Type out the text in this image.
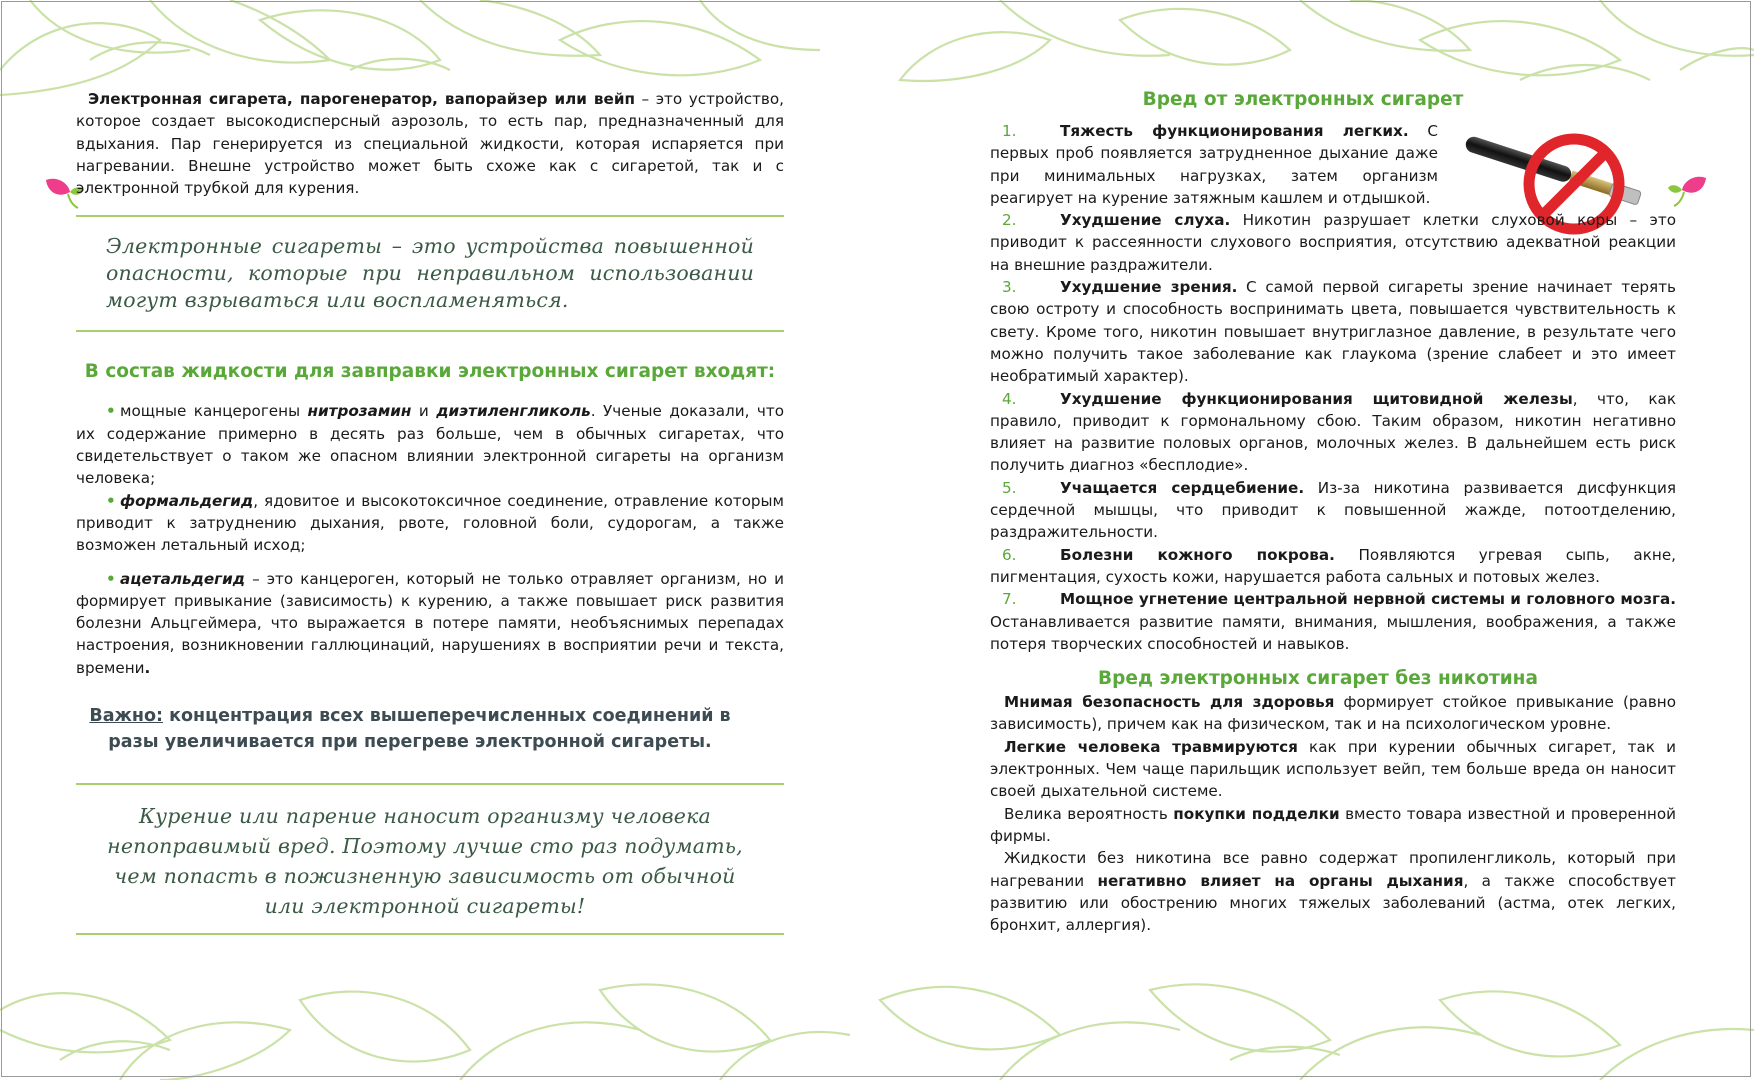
Электронная сигарета, парогенератор, вапорайзер или вейп – это устройство, которое создает высокодисперсный аэрозоль, то есть пар, предназначенный для вдыхания. Пар генерируется из специальной жидкости, которая испаряется при нагревании. Внешне устройство может быть схоже как с сигаретой, так и с электронной трубкой для курения.

Электронные сигареты – это устройства повышенной опасности, которые при неправильном использовании могут взрываться или воспламеняться.

В состав жидкости для завправки электронных сигарет входят:

• мощные канцерогены нитрозамин и диэтиленгликоль. Ученые доказали, что их содержание примерно в десять раз больше, чем в обычных сигаретах, что свидетельствует о таком же опасном влиянии электронной сигареты на организм человека;

• формальдегид, ядовитое и высокотоксичное соединение, отравление которым приводит к затруднению дыхания, рвоте, головной боли, судорогам, а также возможен летальный исход;

• ацетальдегид – это канцероген, который не только отравляет организм, но и формирует привыкание (зависимость) к курению, а также повышает риск развития болезни Альцгеймера, что выражается в потере памяти, необъяснимых перепадах настроения, возникновении галлюцинаций, нарушениях в восприятии речи и текста, времени.

Важно: концентрация всех вышеперечисленных соединений в разы увеличивается при перегреве электронной сигареты.

Курение или парение наносит организму человека непоправимый вред. Поэтому лучше сто раз подумать, чем попасть в пожизненную зависимость от обычной или электронной сигареты!

Вред от электронных сигарет

1.	Тяжесть функционирования легких. С первых проб появляется затрудненное дыхание даже при минимальных нагрузках, затем организм реагирует на курение затяжным кашлем и отдышкой.

2.	Ухудшение слуха. Никотин разрушает клетки слуховой коры – это приводит к рассеянности слухового восприятия, отсутствию адекватной реакции на внешние раздражители.

3.	Ухудшение зрения. С самой первой сигареты зрение начинает терять свою остроту и способность воспринимать цвета, повышается чувствительность к свету. Кроме того, никотин повышает внутриглазное давление, в результате чего можно получить такое заболевание как глаукома (зрение слабеет и это имеет необратимый характер).

4.	Ухудшение функционирования щитовидной железы, что, как правило, приводит к гормональному сбою. Таким образом, никотин негативно влияет на развитие половых органов, молочных желез. В дальнейшем есть риск получить диагноз «бесплодие».

5.	Учащается сердцебиение. Из-за никотина развивается дисфункция сердечной мышцы, что приводит к повышенной жажде, потоотделению, раздражительности.

6.	Болезни кожного покрова. Появляются угревая сыпь, акне, пигментация, сухость кожи, нарушается работа сальных и потовых желез.

7.	Мощное угнетение центральной нервной системы и головного мозга. Останавливается развитие памяти, внимания, мышления, воображения, а также потеря творческих способностей и навыков.

Вред электронных сигарет без никотина

Мнимая безопасность для здоровья формирует стойкое привыкание (равно зависимость), причем как на физическом, так и на психологическом уровне.

Легкие человека травмируются как при курении обычных сигарет, так и электронных. Чем чаще парильщик использует вейп, тем больше вреда он наносит своей дыхательной системе.

Велика вероятность покупки подделки вместо товара известной и проверенной фирмы.

Жидкости без никотина все равно содержат пропиленгликоль, который при нагревании негативно влияет на органы дыхания, а также способствует развитию или обострению многих тяжелых заболеваний (астма, отек легких, бронхит, аллергия).
